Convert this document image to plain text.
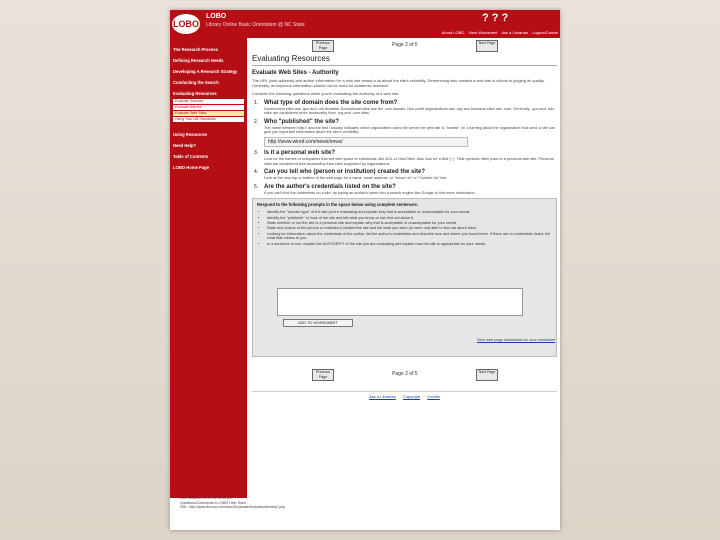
LOBO
LOBO
Library Online Basic Orientation @ NC State
? ? ?
About LOBO View Worksheet Ask a Librarian Logout/Cancel
The Research Process
Defining Research Needs
Developing A Research Strategy
Conducting the Search
Evaluating Resources
Evaluate Sources
Evaluate Articles
Evaluate Web Sites
Using Your UB Standards
Using Resources
Need Help?
Table of Contents
LOBO Home Page
Previous Page	Page 2 of 5	Next Page
Evaluating Resources
Evaluate Web Sites - Authority
The URL (web address) and author information for a web site reveal a lot about the site's reliability. Determining who created a web site is critical to judging its quality. Generally, anonymous information should not be used for academic research.
Consider the following questions when you're evaluating the authority of a web site:
1. What type of domain does the site come from?
Government sites use .gov and .mil domains. Educational sites use the .edu domain. Non-profit organizations use .org and business sites use .com. Generally, .gov and .edu sites are considered more trustworthy than .org and .com sites.
2. Who "published" the site?
The name between http:// and the first / usually indicates which organization owns the server the web site is "hosted" on. Learning about the organization that owns a site can give you important information about the site's credibility.
http://www.wired.com/news/news/
3. Is it a personal web site?
Look for the names of companies that sell web space to individuals, like AOL or GeoCities. Also look for a tilde (~). Tilde symbols often point to a personal web site. Personal sites are considered less trustworthy than sites supported by organizations.
4. Can you tell who (person or institution) created the site?
Look at the very top or bottom of the web page for a name, email address, or "About Us" or "Contact Us" link.
5. Are the author's credentials listed on the site?
If you can't find the credentials on a site, try typing an author's name into a search engine like Google to find more information.
Respond to the following prompts in the space below using complete sentences:
• Identify the "domain type" of the site you're evaluating and explain why that is acceptable or unacceptable for your needs.
• Identify the "publisher" or host of the site and tell what you know or can find out about it.
• State whether or not the site is a personal site and explain why that is acceptable or unacceptable for your needs.
• State who (name of the person or institution) created the site and tell what you were (or were not) able to find out about them.
• Looking for information about the credentials of the author, list the author's credentials and describe how and where you found them. If there are no credentials listed, tell what that means to you.
• In a sentence or two, explain the AUTHORITY of the site you are evaluating and explain how the site is appropriate for your needs.
ADD TO WORKSHEET
View web page instructions for your worksheet
Previous Page	Page 2 of 5	Next Page
Ask a Librarian Copyright Credits
Last Modified: 07/27/04 12:05 pm
Questions/Comments to LOBO Help Team
URL: http://www.lib.ncsu.edu/lobo2/evaluate/evaluatewebsites2.php
